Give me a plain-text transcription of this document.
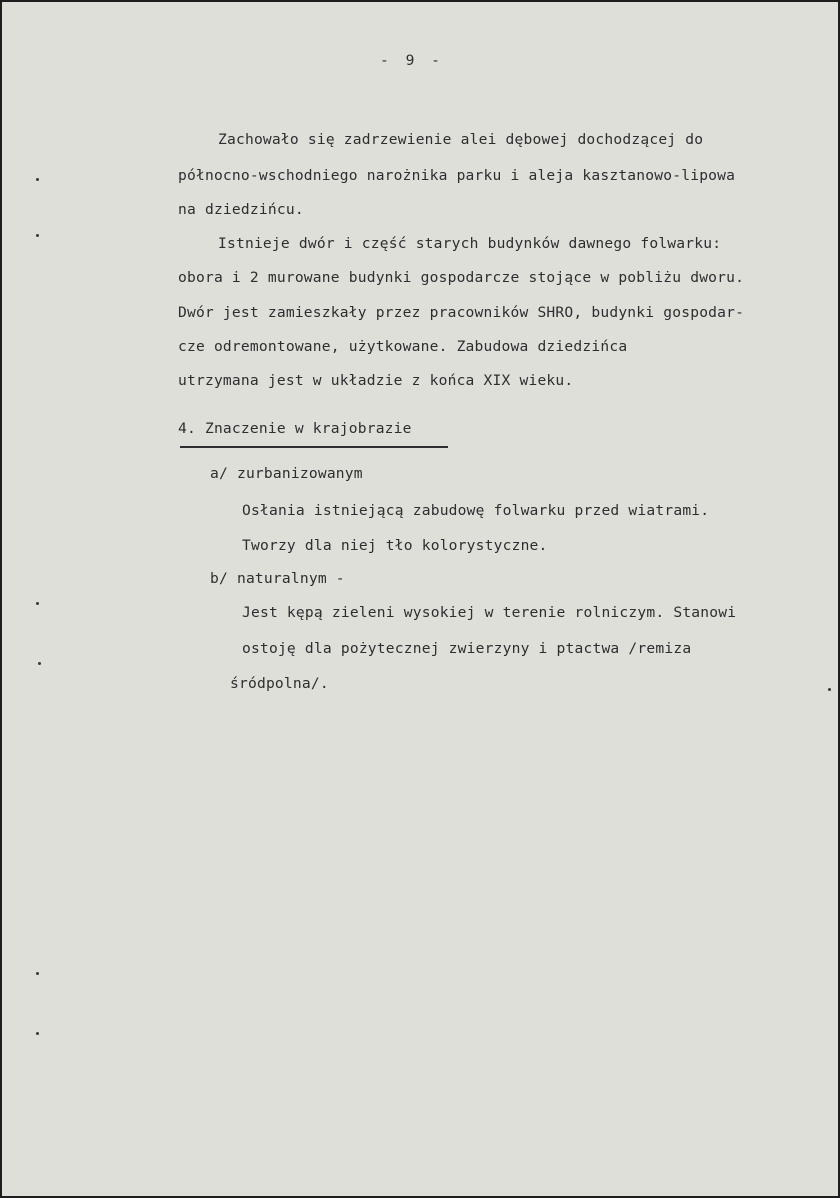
- 9 -
Zachowało się zadrzewienie alei dębowej dochodzącej do
północno-wschodniego narożnika parku i aleja kasztanowo-lipowa
na dziedzińcu.
Istnieje dwór i część starych budynków dawnego folwarku:
obora i 2 murowane budynki gospodarcze stojące w pobliżu dworu.
Dwór jest zamieszkały przez pracowników SHRO, budynki gospodar-
cze odremontowane, użytkowane. Zabudowa dziedzińca
utrzymana jest w układzie z końca XIX wieku.
4. Znaczenie w krajobrazie
a/ zurbanizowanym
Osłania istniejącą zabudowę folwarku przed wiatrami.
Tworzy dla niej tło kolorystyczne.
b/ naturalnym -
Jest kępą zieleni wysokiej w terenie rolniczym. Stanowi
ostoję dla pożytecznej zwierzyny i ptactwa /remiza
śródpolna/.
